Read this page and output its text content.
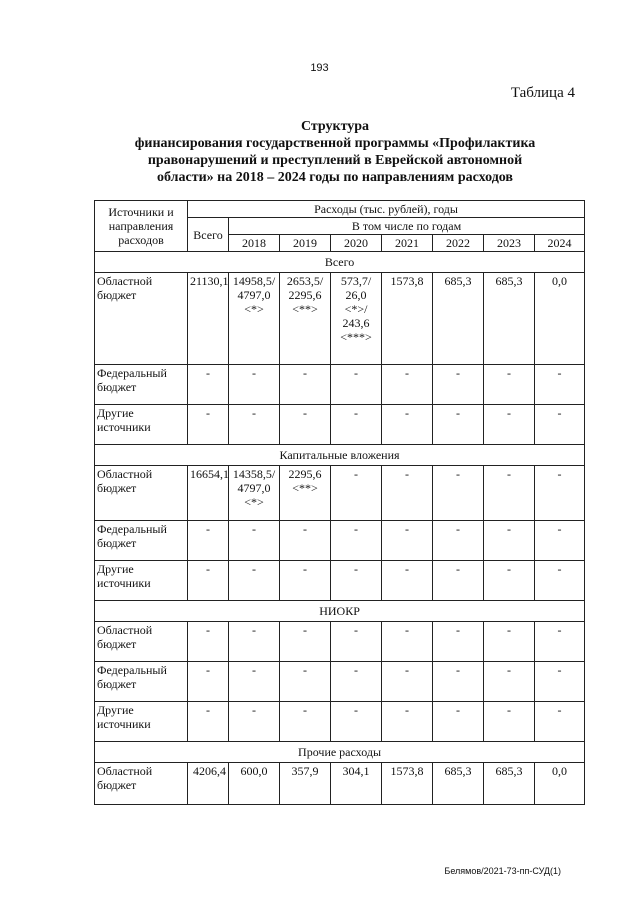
193
Таблица 4
Структура
финансирования государственной программы «Профилактика
правонарушений и преступлений в Еврейской автономной
области» на 2018 – 2024 годы по направлениям расходов
Источники и направления расходов	Расходы (тыс. рублей), годы							
	Всего	В том числе по годам						
		2018	2019	2020	2021	2022	2023	2024
Всего								
Областной бюджет	21130,1	14958,5/ 4797,0 <*>	2653,5/ 2295,6 <**>	573,7/ 26,0 <*>/ 243,6 <***>	1573,8	685,3	685,3	0,0
Федеральный бюджет	-	-	-	-	-	-	-	-
Другие источники	-	-	-	-	-	-	-	-
Капитальные вложения								
Областной бюджет	16654,1	14358,5/ 4797,0 <*>	2295,6 <**>	-	-	-	-	-
Федеральный бюджет	-	-	-	-	-	-	-	-
Другие источники	-	-	-	-	-	-	-	-
НИОКР								
Областной бюджет	-	-	-	-	-	-	-	-
Федеральный бюджет	-	-	-	-	-	-	-	-
Другие источники	-	-	-	-	-	-	-	-
Прочие расходы								
Областной бюджет	4206,4	600,0	357,9	304,1	1573,8	685,3	685,3	0,0
Белямов/2021-73-пп-СУД(1)
